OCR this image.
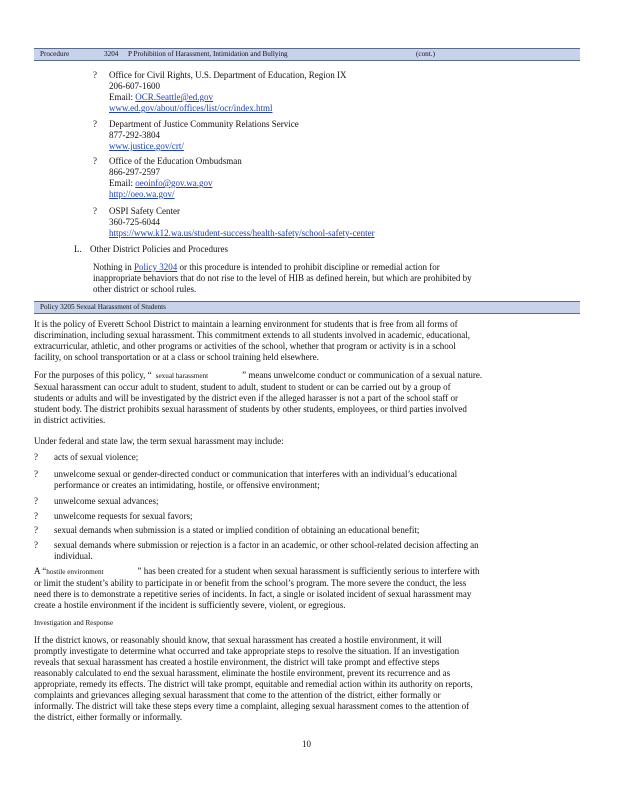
Procedure	3204 P Prohibition of Harassment, Intimidation and Bullying	(cont.)
? Office for Civil Rights, U.S. Department of Education, Region IX
206-607-1600
Email: OCR.Seattle@ed.gov
www.ed.gov/about/offices/list/ocr/index.html
? Department of Justice Community Relations Service
877-292-3804
www.justice.gov/crt/
? Office of the Education Ombudsman
866-297-2597
Email: oeoinfo@gov.wa.gov
http://oeo.wa.gov/
? OSPI Safety Center
360-725-6044
https://www.k12.wa.us/student-success/health-safety/school-safety-center
L. Other District Policies and Procedures
Nothing in Policy 3204 or this procedure is intended to prohibit discipline or remedial action for
inappropriate behaviors that do not rise to the level of HIB as defined herein, but which are prohibited by
other district or school rules.
Policy 3205 Sexual Harassment of Students
It is the policy of Everett School District to maintain a learning environment for students that is free from all forms of
discrimination, including sexual harassment. This commitment extends to all students involved in academic, educational,
extracurricular, athletic, and other programs or activities of the school, whether that program or activity is in a school
facility, on school transportation or at a class or school training held elsewhere.
For the purposes of this policy, “ sexual harassment	” means unwelcome conduct or communication of a sexual nature.
Sexual harassment can occur adult to student, student to adult, student to student or can be carried out by a group of
students or adults and will be investigated by the district even if the alleged harasser is not a part of the school staff or
student body. The district prohibits sexual harassment of students by other students, employees, or third parties involved
in district activities.
Under federal and state law, the term sexual harassment may include:
? acts of sexual violence;
? unwelcome sexual or gender-directed conduct or communication that interferes with an individual’s educational
performance or creates an intimidating, hostile, or offensive environment;
? unwelcome sexual advances;
? unwelcome requests for sexual favors;
? sexual demands when submission is a stated or implied condition of obtaining an educational benefit;
? sexual demands where submission or rejection is a factor in an academic, or other school-related decision affecting an
individual.
A “hostile environment	” has been created for a student when sexual harassment is sufficiently serious to interfere with
or limit the student’s ability to participate in or benefit from the school’s program. The more severe the conduct, the less
need there is to demonstrate a repetitive series of incidents. In fact, a single or isolated incident of sexual harassment may
create a hostile environment if the incident is sufficiently severe, violent, or egregious.
Investigation and Response
If the district knows, or reasonably should know, that sexual harassment has created a hostile environment, it will
promptly investigate to determine what occurred and take appropriate steps to resolve the situation. If an investigation
reveals that sexual harassment has created a hostile environment, the district will take prompt and effective steps
reasonably calculated to end the sexual harassment, eliminate the hostile environment, prevent its recurrence and as
appropriate, remedy its effects. The district will take prompt, equitable and remedial action within its authority on reports,
complaints and grievances alleging sexual harassment that come to the attention of the district, either formally or
informally. The district will take these steps every time a complaint, alleging sexual harassment comes to the attention of
the district, either formally or informally.
10
